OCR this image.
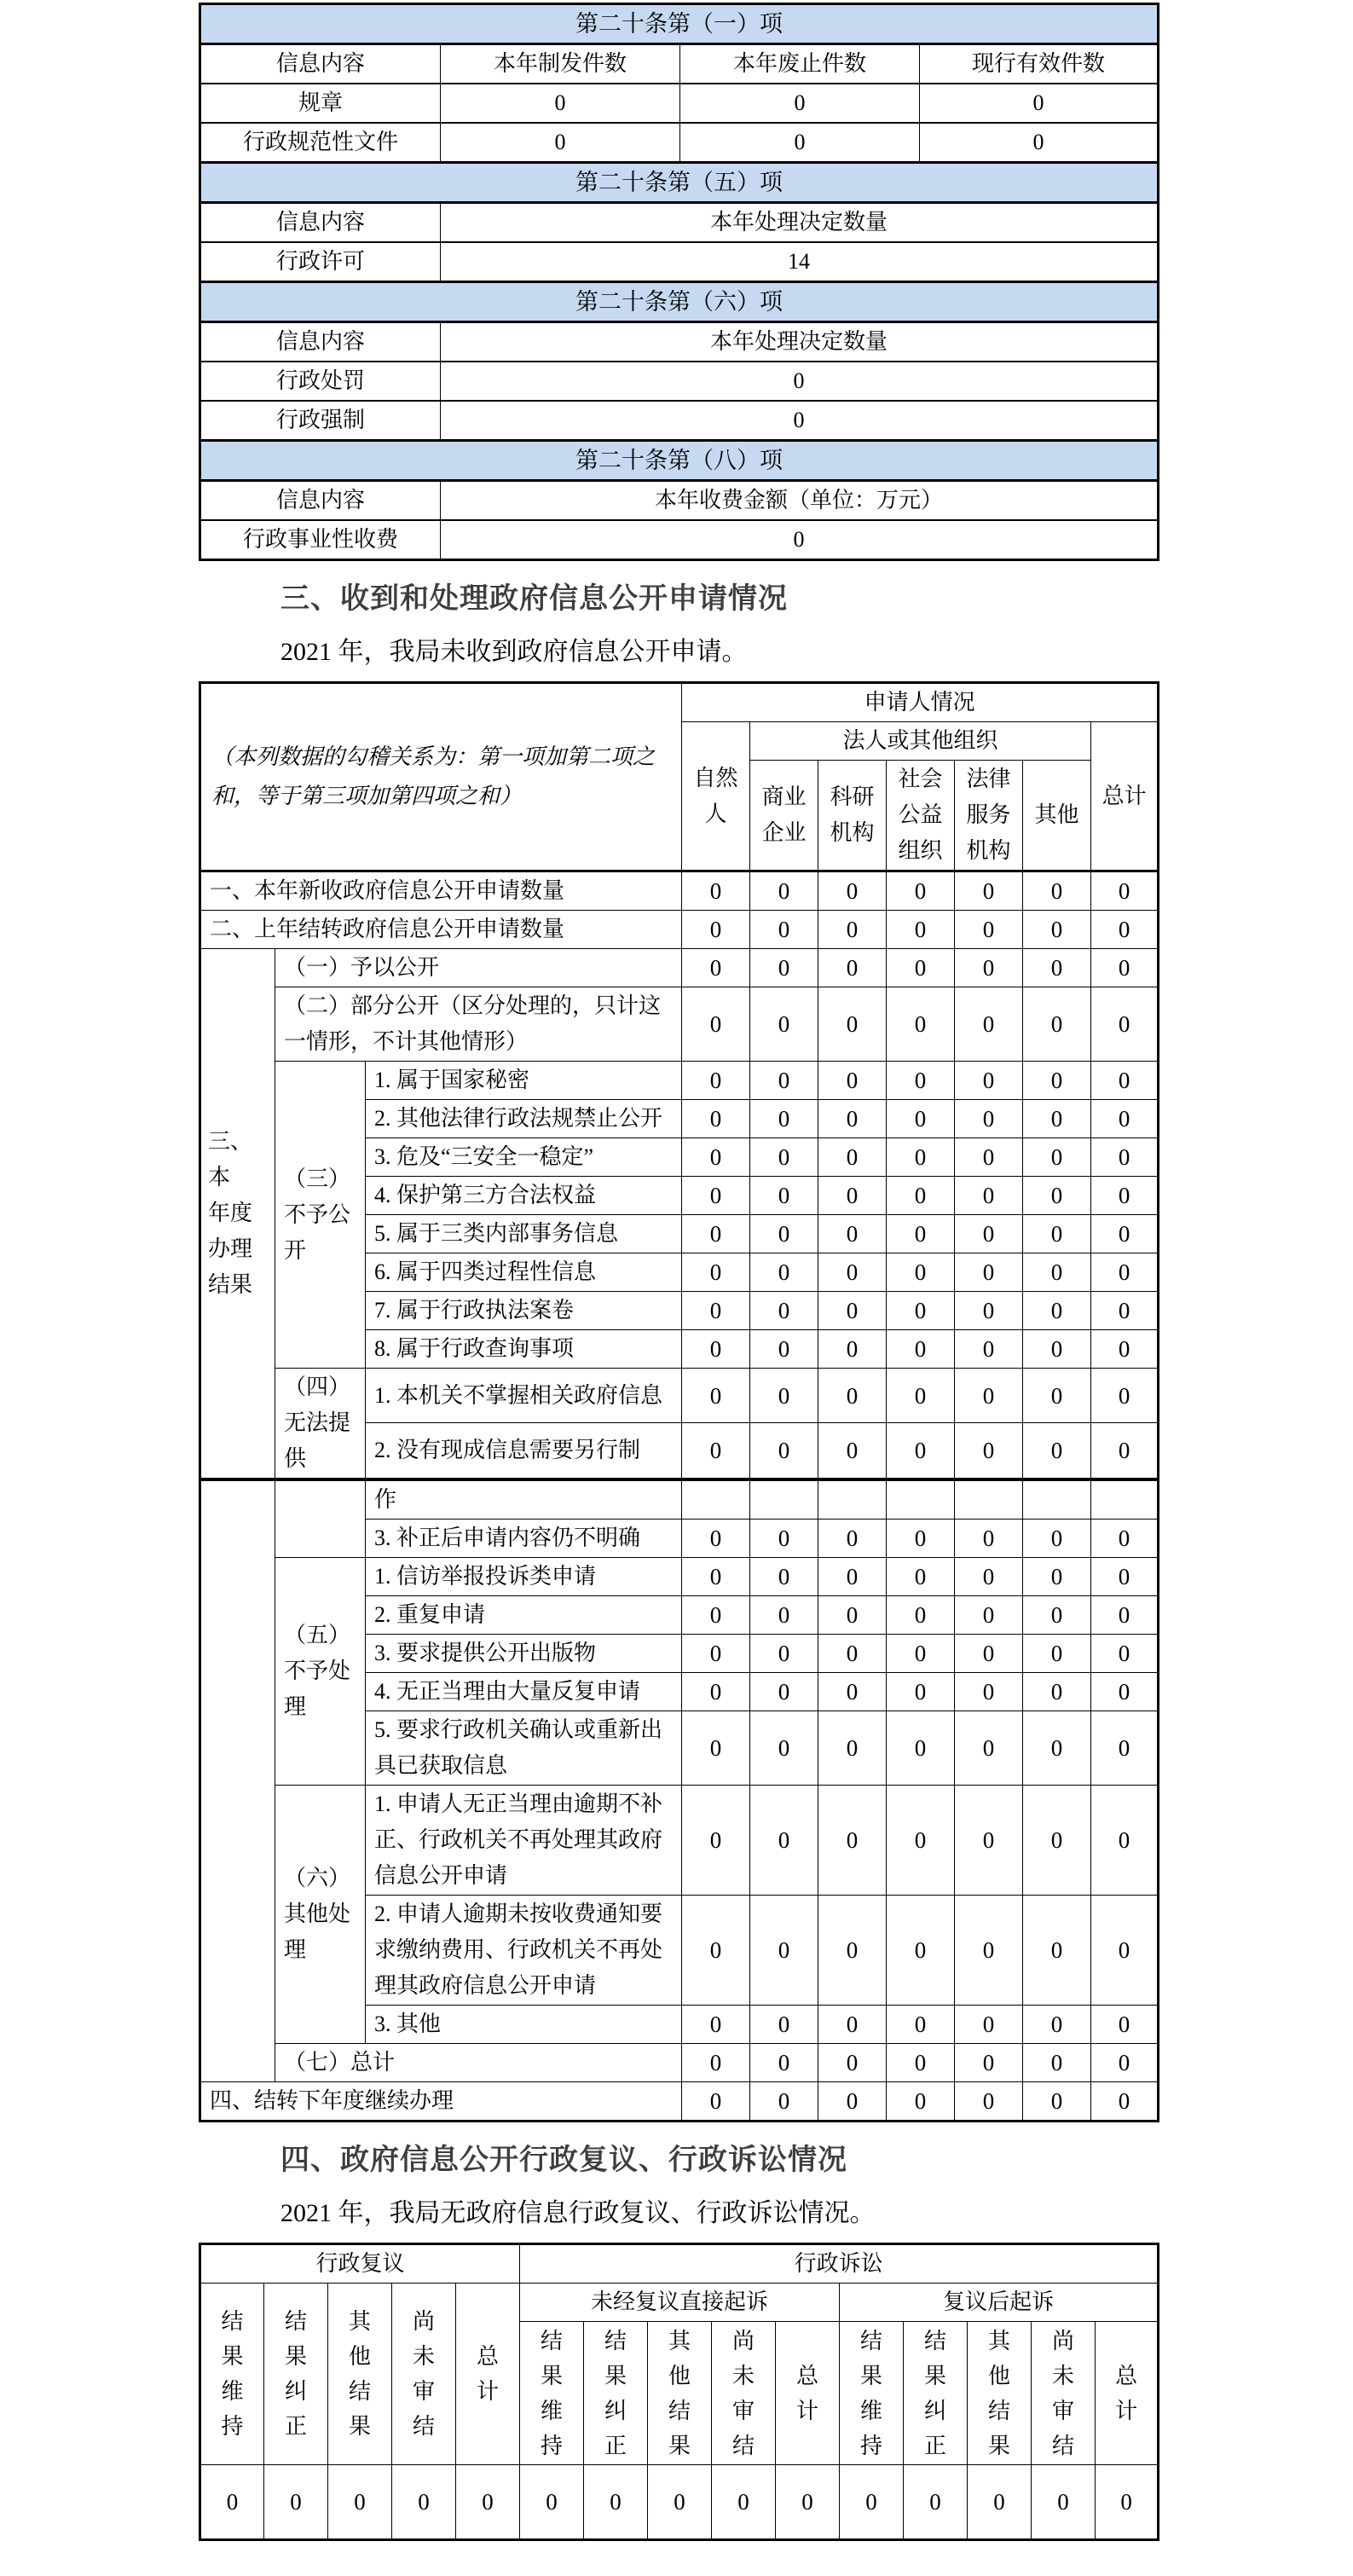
第二十条第（一）项			
信息内容	本年制发件数	本年废止件数	现行有效件数
规章	0	0	0
行政规范性文件	0	0	0
第二十条第（五）项			
信息内容	本年处理决定数量		
行政许可	14		
第二十条第（六）项			
信息内容	本年处理决定数量		
行政处罚	0		
行政强制	0		
第二十条第（八）项			
信息内容	本年收费金额（单位：万元）		
行政事业性收费	0		
三、收到和处理政府信息公开申请情况
2021 年，我局未收到政府信息公开申请。
（本列数据的勾稽关系为：第一项加第二项之和，等于第三项加第四项之和）			申请人情况						
			自然人	法人或其他组织					总计
				商业企业	科研机构	社会公益组织	法律服务机构	其他	
一、本年新收政府信息公开申请数量			0	0	0	0	0	0	0
二、上年结转政府信息公开申请数量			0	0	0	0	0	0	0
三、本
年度
办理
结果	（一）予以公开		0	0	0	0	0	0	0
	（二）部分公开（区分处理的，只计这一情形，不计其他情形）		0	0	0	0	0	0	0
	（三）不予公开	1. 属于国家秘密	0	0	0	0	0	0	0
		2. 其他法律行政法规禁止公开	0	0	0	0	0	0	0
		3. 危及“三安全一稳定”	0	0	0	0	0	0	0
		4. 保护第三方合法权益	0	0	0	0	0	0	0
		5. 属于三类内部事务信息	0	0	0	0	0	0	0
		6. 属于四类过程性信息	0	0	0	0	0	0	0
		7. 属于行政执法案卷	0	0	0	0	0	0	0
		8. 属于行政查询事项	0	0	0	0	0	0	0
	（四）无法提供	1. 本机关不掌握相关政府信息	0	0	0	0	0	0	0
		2. 没有现成信息需要另行制	0	0	0	0	0	0	0
		作							
		3. 补正后申请内容仍不明确	0	0	0	0	0	0	0
	（五）不予处理	1. 信访举报投诉类申请	0	0	0	0	0	0	0
		2. 重复申请	0	0	0	0	0	0	0
		3. 要求提供公开出版物	0	0	0	0	0	0	0
		4. 无正当理由大量反复申请	0	0	0	0	0	0	0
		5. 要求行政机关确认或重新出具已获取信息	0	0	0	0	0	0	0
	（六）其他处理	1. 申请人无正当理由逾期不补正、行政机关不再处理其政府信息公开申请	0	0	0	0	0	0	0
		2. 申请人逾期未按收费通知要求缴纳费用、行政机关不再处理其政府信息公开申请	0	0	0	0	0	0	0
		3. 其他	0	0	0	0	0	0	0
	（七）总计		0	0	0	0	0	0	0
四、结转下年度继续办理			0	0	0	0	0	0	0
四、政府信息公开行政复议、行政诉讼情况
2021 年，我局无政府信息行政复议、行政诉讼情况。
行政复议					行政诉讼									
结
果
维
持	结
果
纠
正	其
他
结
果	尚
未
审
结	总
计	未经复议直接起诉					复议后起诉				
					结
果
维
持	结
果
纠
正	其
他
结
果	尚
未
审
结	总
计	结
果
维
持	结
果
纠
正	其
他
结
果	尚
未
审
结	总
计
0	0	0	0	0	0	0	0	0	0	0	0	0	0	0
